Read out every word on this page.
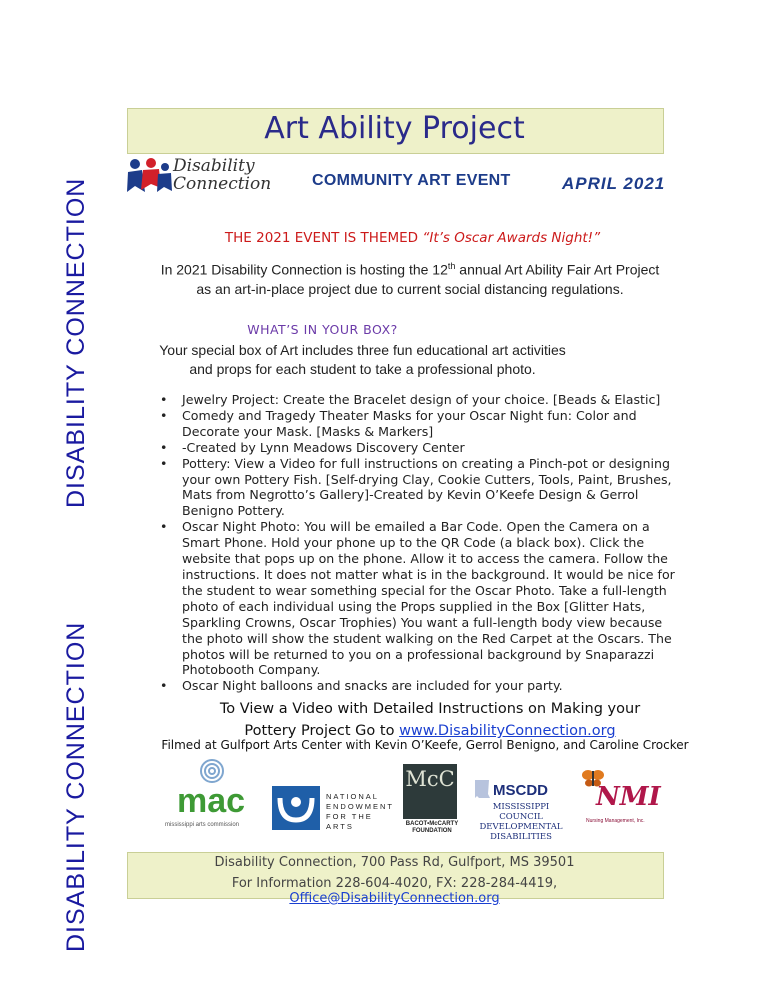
Art Ability Project
Disability
Connection	COMMUNITY ART EVENT	APRIL 2021
DISABILITY CONNECTION
DISABILITY CONNECTION
THE 2021 EVENT IS THEMED “It’s Oscar Awards Night!”
In 2021 Disability Connection is hosting the 12th annual Art Ability Fair Art Project
as an art-in-place project due to current social distancing regulations.
WHAT’S IN YOUR BOX?
Your special box of Art includes three fun educational art activities
and props for each student to take a professional photo.
• Jewelry Project: Create the Bracelet design of your choice. [Beads & Elastic]
• Comedy and Tragedy Theater Masks for your Oscar Night fun: Color and Decorate your Mask. [Masks & Markers]
• -Created by Lynn Meadows Discovery Center
• Pottery: View a Video for full instructions on creating a Pinch-pot or designing your own Pottery Fish. [Self-drying Clay, Cookie Cutters, Tools, Paint, Brushes, Mats from Negrotto’s Gallery]-Created by Kevin O’Keefe Design & Gerrol Benigno Pottery.
• Oscar Night Photo: You will be emailed a Bar Code. Open the Camera on a Smart Phone. Hold your phone up to the QR Code (a black box). Click the website that pops up on the phone. Allow it to access the camera. Follow the instructions. It does not matter what is in the background. It would be nice for the student to wear something special for the Oscar Photo. Take a full-length photo of each individual using the Props supplied in the Box [Glitter Hats, Sparkling Crowns, Oscar Trophies) You want a full-length body view because the photo will show the student walking on the Red Carpet at the Oscars. The photos will be returned to you on a professional background by Snaparazzi Photobooth Company.
• Oscar Night balloons and snacks are included for your party.
To View a Video with Detailed Instructions on Making your
Pottery Project Go to www.DisabilityConnection.org
Filmed at Gulfport Arts Center with Kevin O’Keefe, Gerrol Benigno, and Caroline Crocker
mac
mississippi arts commission
NATIONAL ENDOWMENT FOR THE ARTS
McC
BACOT•McCARTY FOUNDATION
MSCDD
MISSISSIPPI COUNCIL DEVELOPMENTAL DISABILITIES
NMI
Nursing Management, Inc.
Disability Connection, 700 Pass Rd, Gulfport, MS 39501
For Information 228-604-4020, FX: 228-284-4419, Office@DisabilityConnection.org
